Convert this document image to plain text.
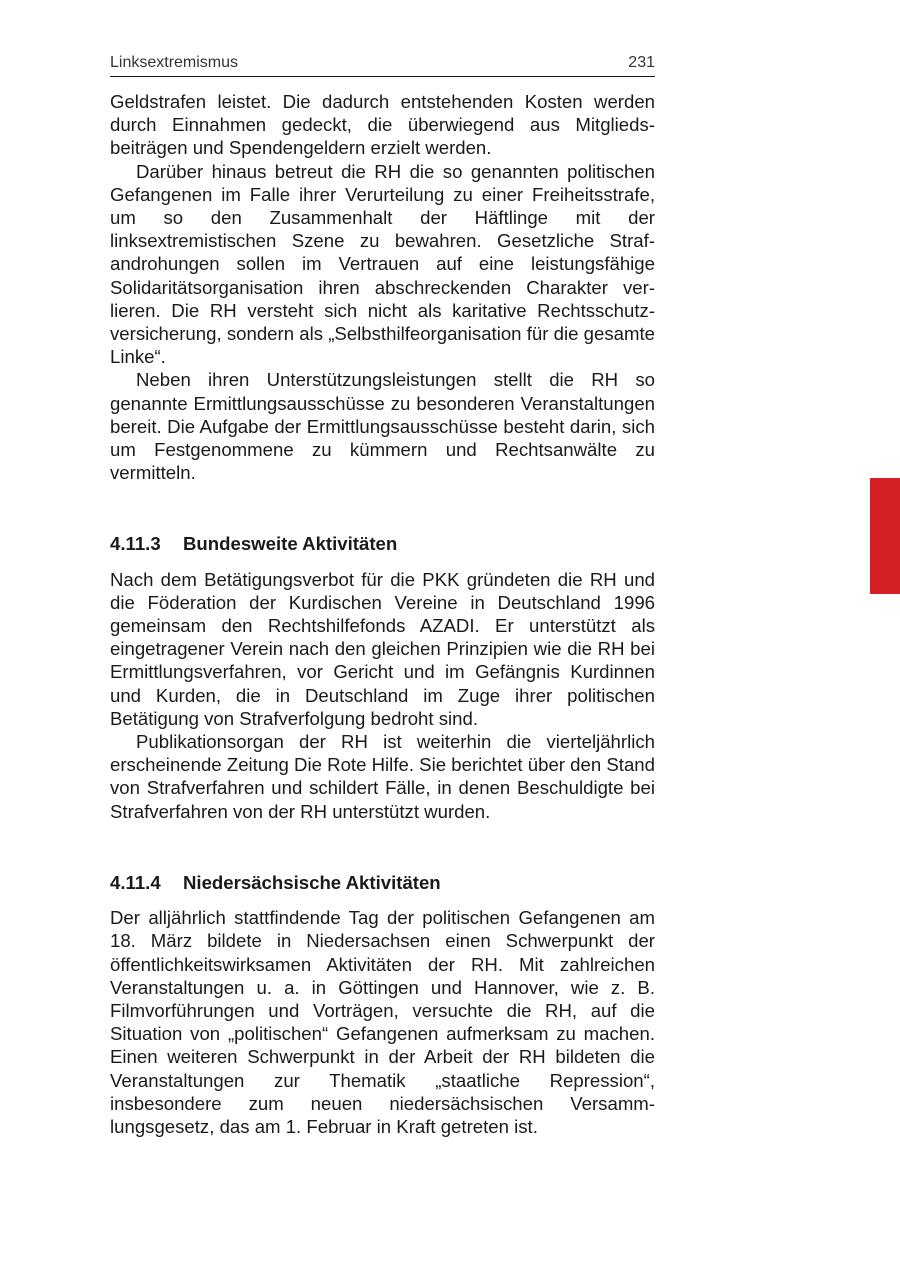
Linksextremismus	231

Geldstrafen leistet. Die dadurch entstehenden Kosten werden durch Einnahmen gedeckt, die überwiegend aus Mitgliedsbeiträgen und Spendengeldern erzielt werden.

Darüber hinaus betreut die RH die so genannten politischen Gefangenen im Falle ihrer Verurteilung zu einer Freiheitsstrafe, um so den Zusammenhalt der Häftlinge mit der linksextremistischen Szene zu bewahren. Gesetzliche Strafandrohungen sollen im Vertrauen auf eine leistungsfähige Solidaritätsorganisation ihren abschreckenden Charakter verlieren. Die RH versteht sich nicht als karitative Rechtsschutzversicherung, sondern als „Selbsthilfeorganisation für die gesamte Linke“.

Neben ihren Unterstützungsleistungen stellt die RH so genannte Ermittlungsausschüsse zu besonderen Veranstaltungen bereit. Die Aufgabe der Ermittlungsausschüsse besteht darin, sich um Festgenommene zu kümmern und Rechtsanwälte zu vermitteln.

4.11.3 Bundesweite Aktivitäten

Nach dem Betätigungsverbot für die PKK gründeten die RH und die Föderation der Kurdischen Vereine in Deutschland 1996 gemeinsam den Rechtshilfefonds AZADI. Er unterstützt als eingetragener Verein nach den gleichen Prinzipien wie die RH bei Ermittlungsverfahren, vor Gericht und im Gefängnis Kurdinnen und Kurden, die in Deutschland im Zuge ihrer politischen Betätigung von Strafverfolgung bedroht sind.

Publikationsorgan der RH ist weiterhin die vierteljährlich erscheinende Zeitung Die Rote Hilfe. Sie berichtet über den Stand von Strafverfahren und schildert Fälle, in denen Beschuldigte bei Strafverfahren von der RH unterstützt wurden.

4.11.4 Niedersächsische Aktivitäten

Der alljährlich stattfindende Tag der politischen Gefangenen am 18. März bildete in Niedersachsen einen Schwerpunkt der öffentlichkeitswirksamen Aktivitäten der RH. Mit zahlreichen Veranstaltungen u. a. in Göttingen und Hannover, wie z. B. Filmvorführungen und Vorträgen, versuchte die RH, auf die Situation von „politischen“ Gefangenen aufmerksam zu machen. Einen weiteren Schwerpunkt in der Arbeit der RH bildeten die Veranstaltungen zur Thematik „staatliche Repression“, insbesondere zum neuen niedersächsischen Versammlungsgesetz, das am 1. Februar in Kraft getreten ist.
